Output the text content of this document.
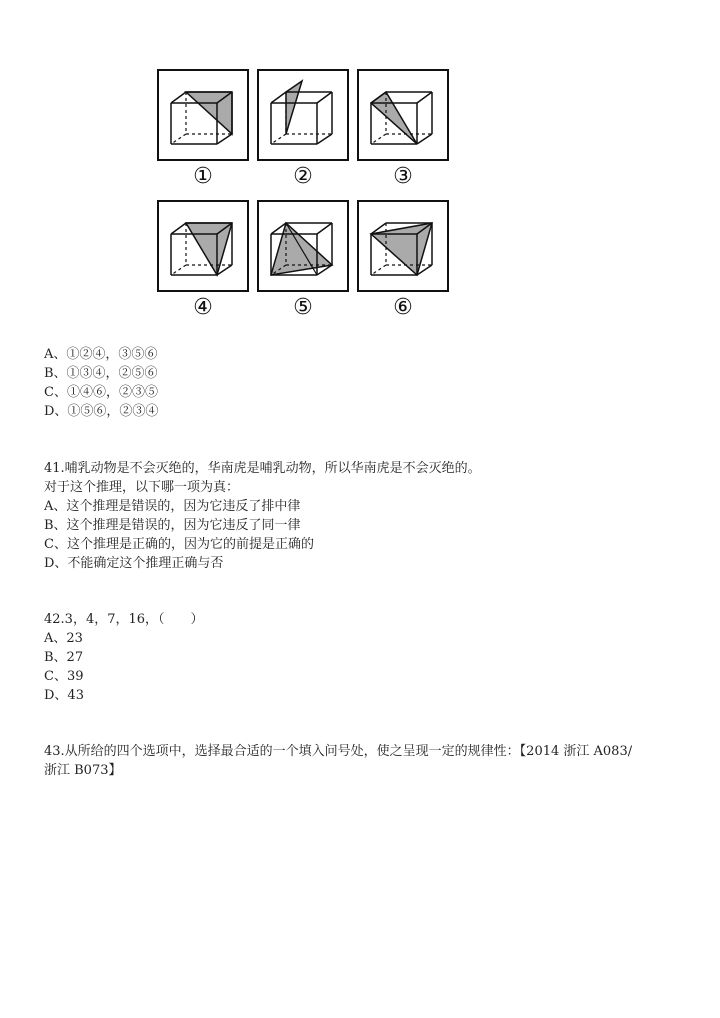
①	②	③
④	⑤	⑥
A、①②④，③⑤⑥
B、①③④，②⑤⑥
C、①④⑥，②③⑤
D、①⑤⑥，②③④
41.哺乳动物是不会灭绝的，华南虎是哺乳动物，所以华南虎是不会灭绝的。
对于这个推理，以下哪一项为真：
A、这个推理是错误的，因为它违反了排中律
B、这个推理是错误的，因为它违反了同一律
C、这个推理是正确的，因为它的前提是正确的
D、不能确定这个推理正确与否
42.3，4，7，16，（　　）
A、23
B、27
C、39
D、43
43.从所给的四个选项中，选择最合适的一个填入问号处，使之呈现一定的规律性：【2014 浙江 A083/
浙江 B073】
